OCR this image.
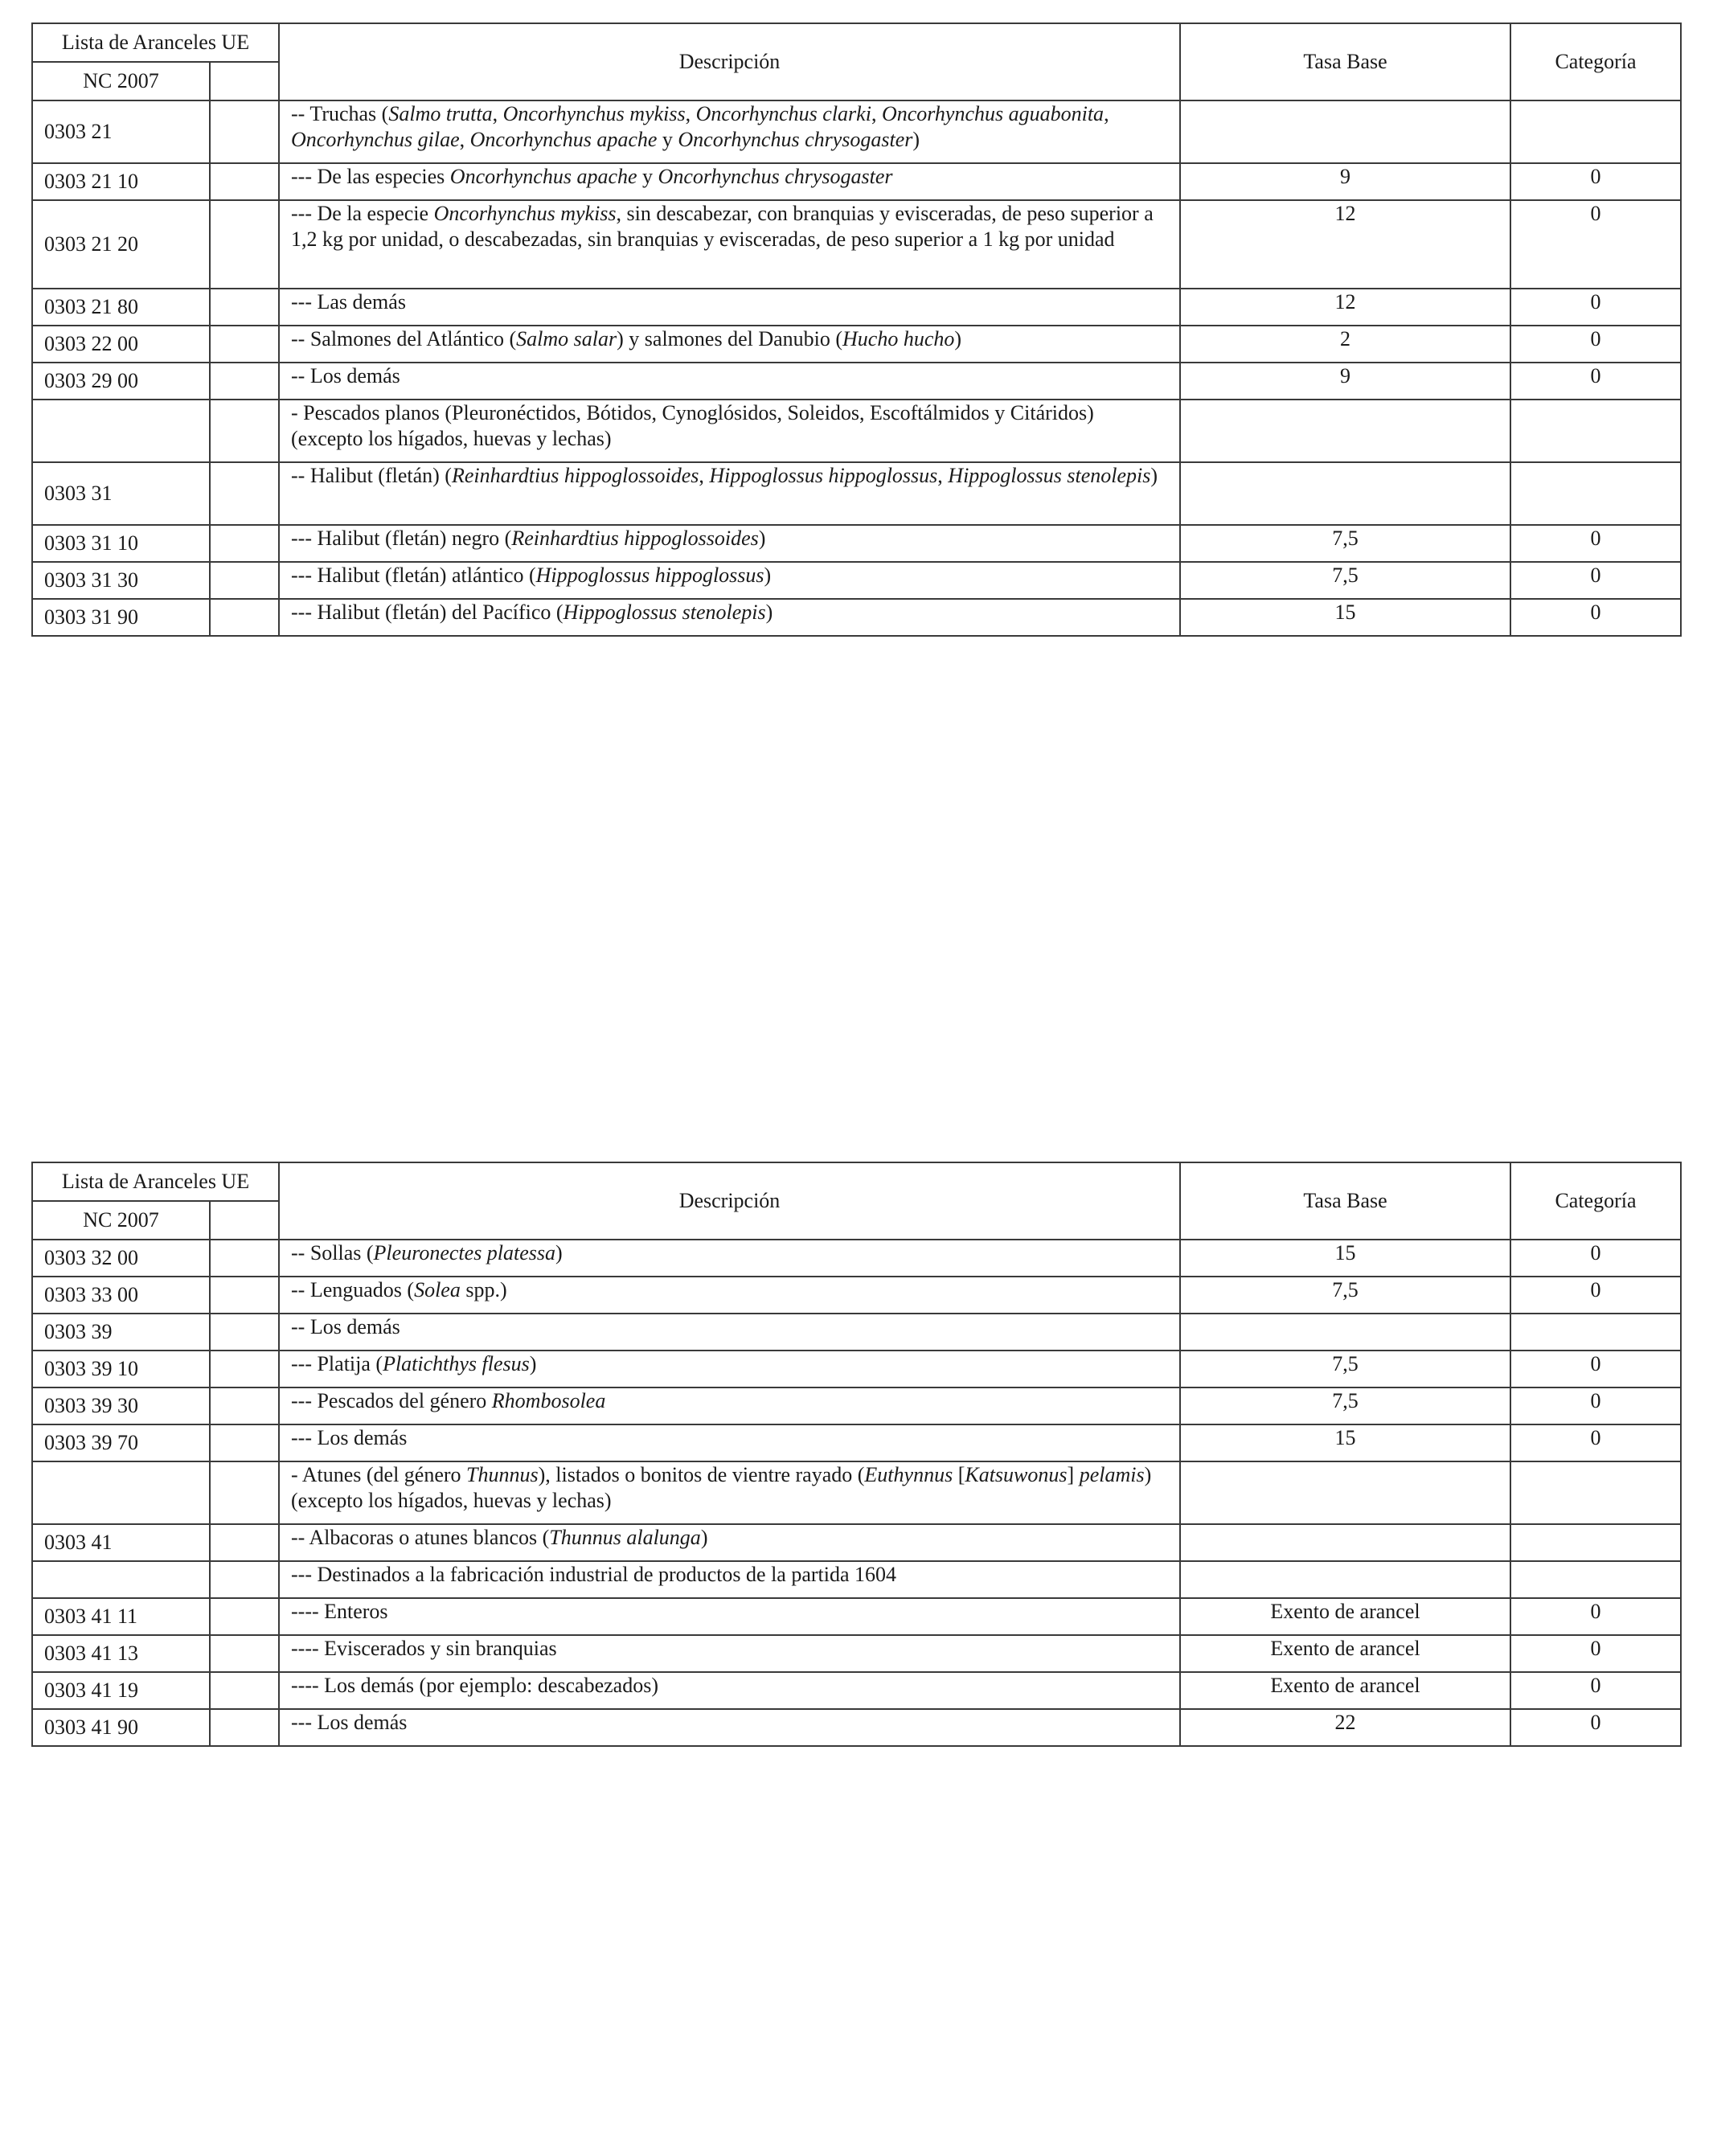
Lista de Aranceles UE		Descripción	Tasa Base	Categoría
NC 2007				
0303 21		-- Truchas (Salmo trutta, Oncorhynchus mykiss, Oncorhynchus clarki, Oncorhynchus aguabonita, Oncorhynchus gilae, Oncorhynchus apache y Oncorhynchus chrysogaster)		
0303 21 10		--- De las especies Oncorhynchus apache y Oncorhynchus chrysogaster	9	0
0303 21 20		--- De la especie Oncorhynchus mykiss, sin descabezar, con branquias y evisceradas, de peso superior a 1,2 kg por unidad, o descabezadas, sin branquias y evisceradas, de peso superior a 1 kg por unidad	12	0
0303 21 80		--- Las demás	12	0
0303 22 00		-- Salmones del Atlántico (Salmo salar) y salmones del Danubio (Hucho hucho)	2	0
0303 29 00		-- Los demás	9	0
		- Pescados planos (Pleuronéctidos, Bótidos, Cynoglósidos, Soleidos, Escoftálmidos y Citáridos) (excepto los hígados, huevas y lechas)		
0303 31		-- Halibut (fletán) (Reinhardtius hippoglossoides, Hippoglossus hippoglossus, Hippoglossus stenolepis)		
0303 31 10		--- Halibut (fletán) negro (Reinhardtius hippoglossoides)	7,5	0
0303 31 30		--- Halibut (fletán) atlántico (Hippoglossus hippoglossus)	7,5	0
0303 31 90		--- Halibut (fletán) del Pacífico (Hippoglossus stenolepis)	15	0
Lista de Aranceles UE		Descripción	Tasa Base	Categoría
NC 2007				
0303 32 00		-- Sollas (Pleuronectes platessa)	15	0
0303 33 00		-- Lenguados (Solea spp.)	7,5	0
0303 39		-- Los demás		
0303 39 10		--- Platija (Platichthys flesus)	7,5	0
0303 39 30		--- Pescados del género Rhombosolea	7,5	0
0303 39 70		--- Los demás	15	0
		- Atunes (del género Thunnus), listados o bonitos de vientre rayado (Euthynnus [Katsuwonus] pelamis) (excepto los hígados, huevas y lechas)		
0303 41		-- Albacoras o atunes blancos (Thunnus alalunga)		
		--- Destinados a la fabricación industrial de productos de la partida 1604		
0303 41 11		---- Enteros	Exento de arancel	0
0303 41 13		---- Eviscerados y sin branquias	Exento de arancel	0
0303 41 19		---- Los demás (por ejemplo: descabezados)	Exento de arancel	0
0303 41 90		--- Los demás	22	0
